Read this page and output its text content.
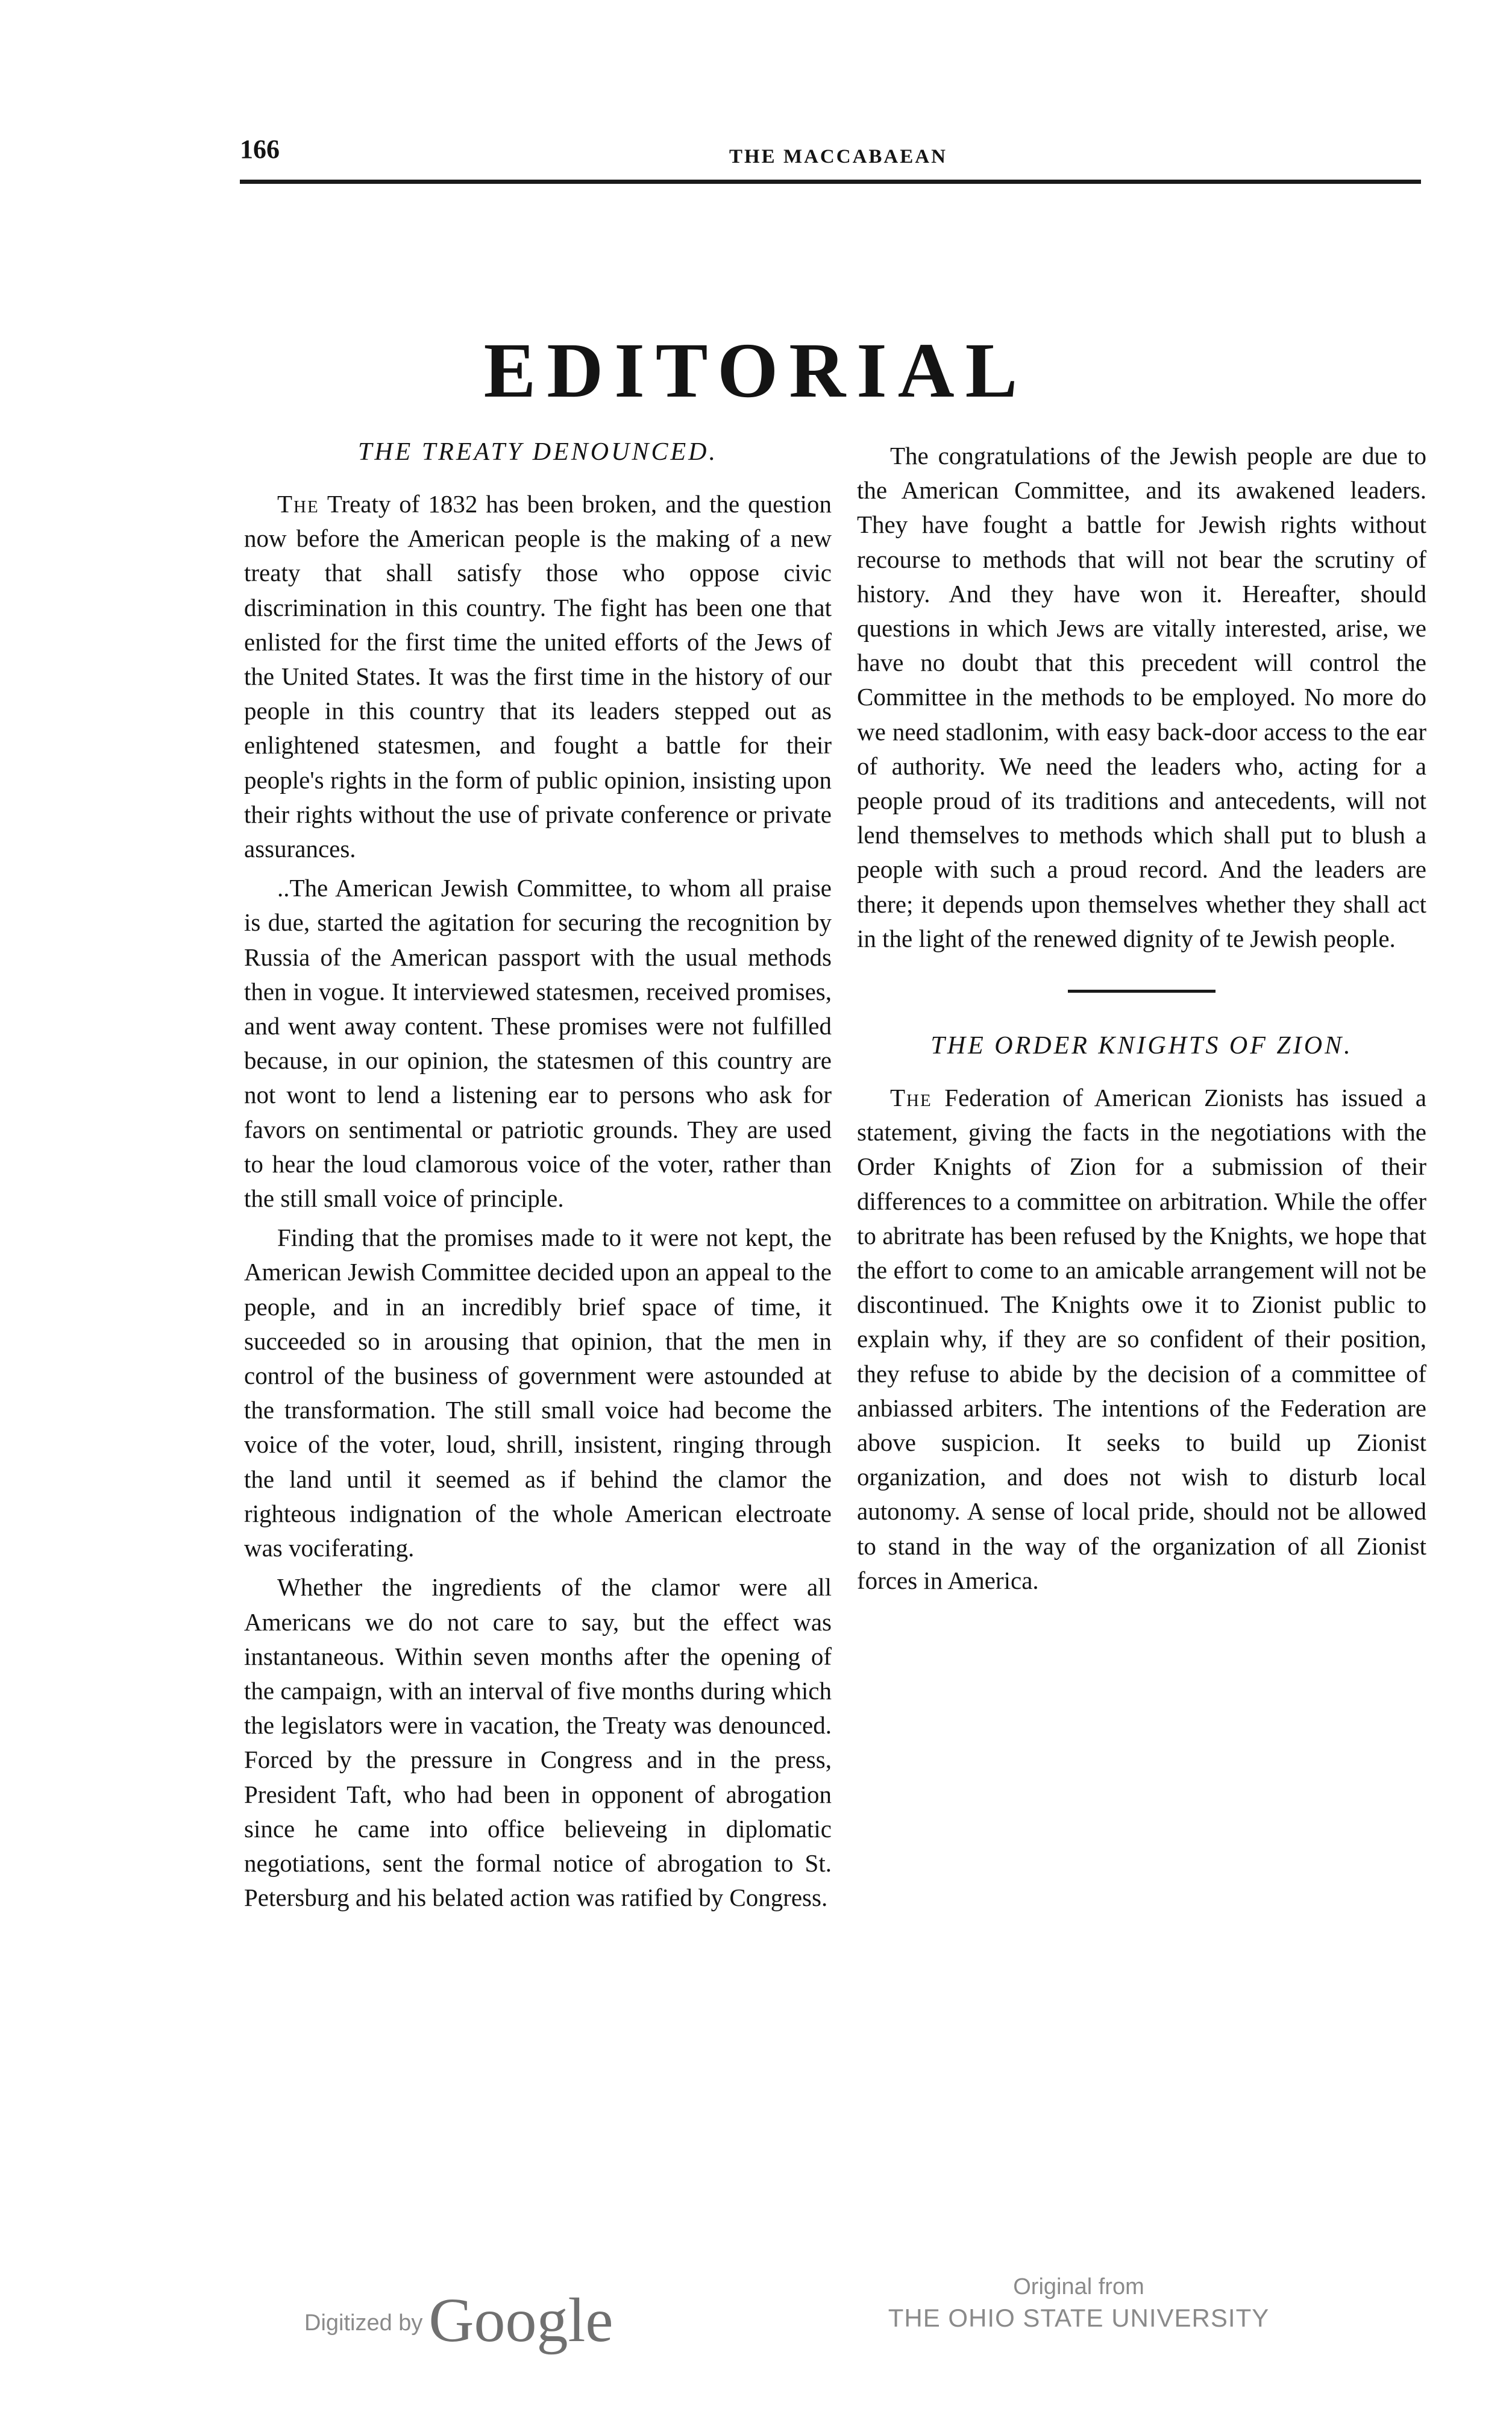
166	THE MACCABAEAN
EDITORIAL
THE TREATY DENOUNCED.

The Treaty of 1832 has been broken, and the question now before the American people is the making of a new treaty that shall satisfy those who oppose civic discrimination in this country. The fight has been one that enlisted for the first time the united efforts of the Jews of the United States. It was the first time in the history of our people in this country that its leaders stepped out as enlightened statesmen, and fought a battle for their people's rights in the form of public opinion, insisting upon their rights without the use of private conference or private assurances.

..The American Jewish Committee, to whom all praise is due, started the agitation for securing the recognition by Russia of the American passport with the usual methods then in vogue. It interviewed statesmen, received promises, and went away content. These promises were not fulfilled because, in our opinion, the statesmen of this country are not wont to lend a listening ear to persons who ask for favors on sentimental or patriotic grounds. They are used to hear the loud clamorous voice of the voter, rather than the still small voice of principle.

Finding that the promises made to it were not kept, the American Jewish Committee decided upon an appeal to the people, and in an incredibly brief space of time, it succeeded so in arousing that opinion, that the men in control of the business of government were astounded at the transformation. The still small voice had become the voice of the voter, loud, shrill, insistent, ringing through the land until it seemed as if behind the clamor the righteous indignation of the whole American electroate was vociferating.

Whether the ingredients of the clamor were all Americans we do not care to say, but the effect was instantaneous. Within seven months after the opening of the campaign, with an interval of five months during which the legislators were in vacation, the Treaty was denounced. Forced by the pressure in Congress and in the press, President Taft, who had been in opponent of abrogation since he came into office believeing in diplomatic negotiations, sent the formal notice of abrogation to St. Petersburg and his belated action was ratified by Congress.

The congratulations of the Jewish people are due to the American Committee, and its awakened leaders. They have fought a battle for Jewish rights without recourse to methods that will not bear the scrutiny of history. And they have won it. Hereafter, should questions in which Jews are vitally interested, arise, we have no doubt that this precedent will control the Committee in the methods to be employed. No more do we need stadlonim, with easy back-door access to the ear of authority. We need the leaders who, acting for a people proud of its traditions and antecedents, will not lend themselves to methods which shall put to blush a people with such a proud record. And the leaders are there; it depends upon themselves whether they shall act in the light of the renewed dignity of te Jewish people.

THE ORDER KNIGHTS OF ZION.

The Federation of American Zionists has issued a statement, giving the facts in the negotiations with the Order Knights of Zion for a submission of their differences to a committee on arbitration. While the offer to abritrate has been refused by the Knights, we hope that the effort to come to an amicable arrangement will not be discontinued. The Knights owe it to Zionist public to explain why, if they are so confident of their position, they refuse to abide by the decision of a committee of anbiassed arbiters. The intentions of the Federation are above suspicion. It seeks to build up Zionist organization, and does not wish to disturb local autonomy. A sense of local pride, should not be allowed to stand in the way of the organization of all Zionist forces in America.

Digitized byGoogle	Original from
THE OHIO STATE UNIVERSITY
